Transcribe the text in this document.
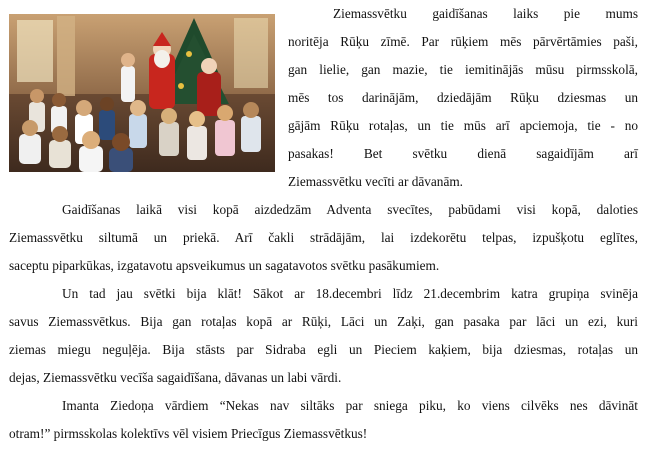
Ziemassvētku gaidīšanas laiks pie mums
noritēja Rūķu zīmē. Par rūķiem mēs pārvērtāmies paši,
gan lielie, gan mazie, tie iemitinājās mūsu pirmsskolā,
mēs tos darinājām, dziedājām Rūķu dziesmas un
gājām Rūķu rotaļas, un tie mūs arī apciemoja, tie - no
pasakas! Bet svētku dienā sagaidījām arī
Ziemassvētku vecīti ar dāvanām.
Gaidīšanas laikā visi kopā aizdedzām Adventa svecītes, pabūdami visi kopā, daloties
Ziemassvētku siltumā un priekā. Arī čakli strādājām, lai izdekorētu telpas, izpušķotu eglītes,
saceptu piparkūkas, izgatavotu apsveikumus un sagatavotos svētku pasākumiem.
Un tad jau svētki bija klāt! Sākot ar 18.decembri līdz 21.decembrim katra grupiņa svinēja
savus Ziemassvētkus. Bija gan rotaļas kopā ar Rūķi, Lāci un Zaķi, gan pasaka par lāci un ezi, kuri
ziemas miegu neguļēja. Bija stāsts par Sidraba egli un Pieciem kaķiem, bija dziesmas, rotaļas un
dejas, Ziemassvētku vecīša sagaidīšana, dāvanas un labi vārdi.
Imanta Ziedoņa vārdiem “Nekas nav siltāks par sniega piku, ko viens cilvēks nes dāvināt
otram!” pirmsskolas kolektīvs vēl visiem Priecīgus Ziemassvētkus!
